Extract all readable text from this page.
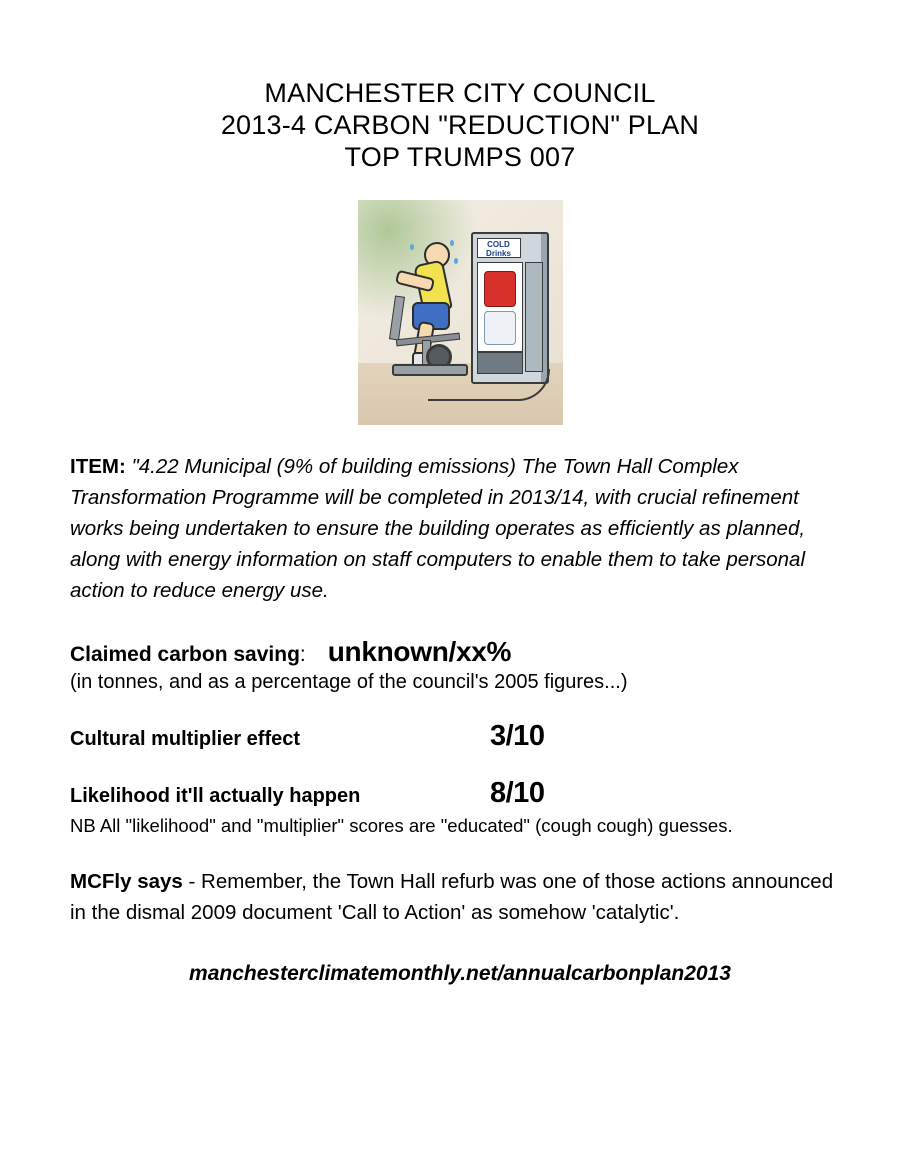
MANCHESTER CITY COUNCIL
2013-4 CARBON "REDUCTION" PLAN
TOP TRUMPS 007
COLD
Drinks
ITEM: "4.22 Municipal (9% of building emissions) The Town Hall Complex Transformation Programme will be completed in 2013/14, with crucial refinement works being undertaken to ensure the building operates as efficiently as planned, along with energy information on staff computers to enable them to take personal action to reduce energy use.
Claimed carbon saving : unknown/xx%
(in tonnes, and as a percentage of the council's 2005 figures...)
Cultural multiplier effect	3/10
Likelihood it'll actually happen	8/10
NB All "likelihood" and "multiplier" scores are "educated" (cough cough) guesses.
MCFly says - Remember, the Town Hall refurb was one of those actions announced in the dismal 2009 document 'Call to Action' as somehow 'catalytic'.
manchesterclimatemonthly.net/annualcarbonplan2013
